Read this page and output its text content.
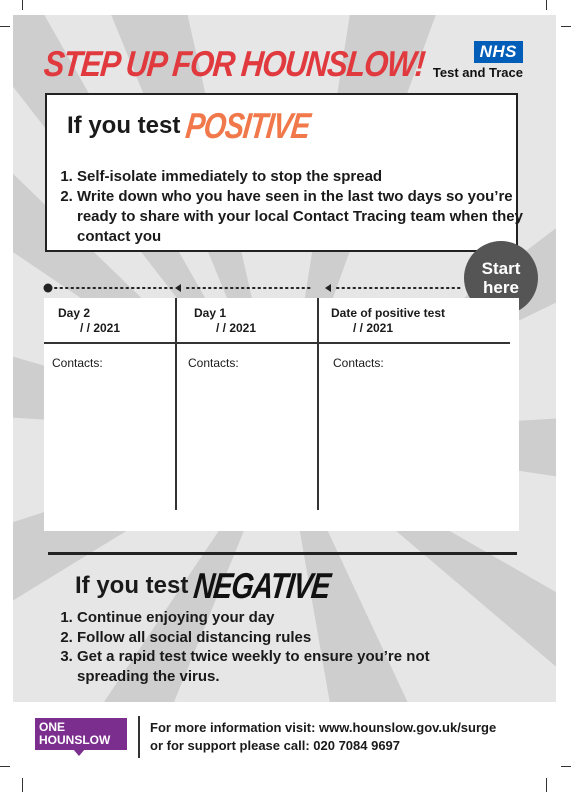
STEP UP FOR HOUNSLOW!	NHS
Test and Trace
If you test POSITIVE
1. Self-isolate immediately to stop the spread
2. Write down who you have seen in the last two days so you’re ready to share with your local Contact Tracing team when they contact you
Start
here
Day 2
/ / 2021
Contacts:
Day 1
/ / 2021
Contacts:
Date of positive test
/ / 2021
Contacts:
If you test NEGATIVE
1. Continue enjoying your day
2. Follow all social distancing rules
3. Get a rapid test twice weekly to ensure you’re not spreading the virus.
ONE
HOUNSLOW
For more information visit: www.hounslow.gov.uk/surge
or for support please call: 020 7084 9697
